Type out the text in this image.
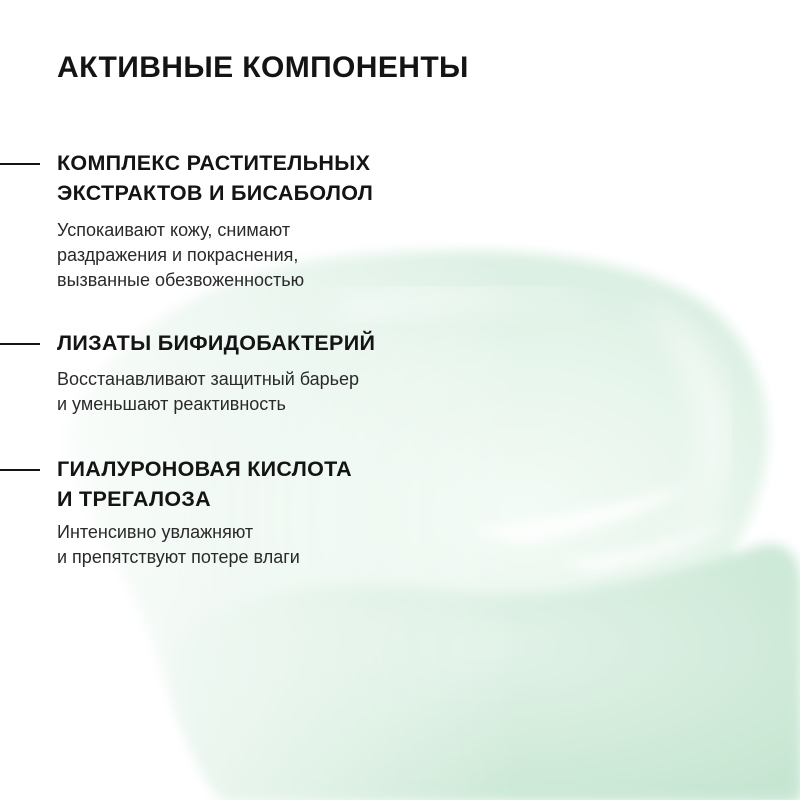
АКТИВНЫЕ КОМПОНЕНТЫ
КОМПЛЕКС РАСТИТЕЛЬНЫХ
ЭКСТРАКТОВ И БИСАБОЛОЛ

Успокаивают кожу, снимают
раздражения и покраснения,
вызванные обезвоженностью

ЛИЗАТЫ БИФИДОБАКТЕРИЙ

Восстанавливают защитный барьер
и уменьшают реактивность

ГИАЛУРОНОВАЯ КИСЛОТА
И ТРЕГАЛОЗА

Интенсивно увлажняют
и препятствуют потере влаги
